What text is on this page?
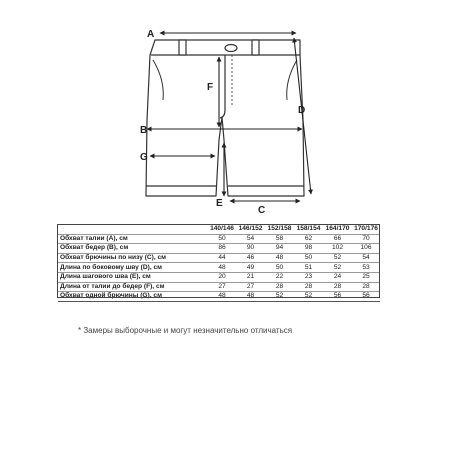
A
D
F
B
G
E
C
	140/146	146/152	152/158	158/154	164/170	170/176
Обхват талии (А), см	50	54	58	62	66	70
Обхват бедер (В), см	86	90	94	98	102	106
Обхват брючины по низу (С), см	44	46	48	50	52	54
Длина по боковому шву (D), см	48	49	50	51	52	53
Длина шагового шва (Е), см	20	21	22	23	24	25
Длина от талии до бедер (F), см	27	27	28	28	28	28
Обхват одной брючины (G), см	48	48	52	52	56	56
* Замеры выборочные и могут незначительно отличаться
